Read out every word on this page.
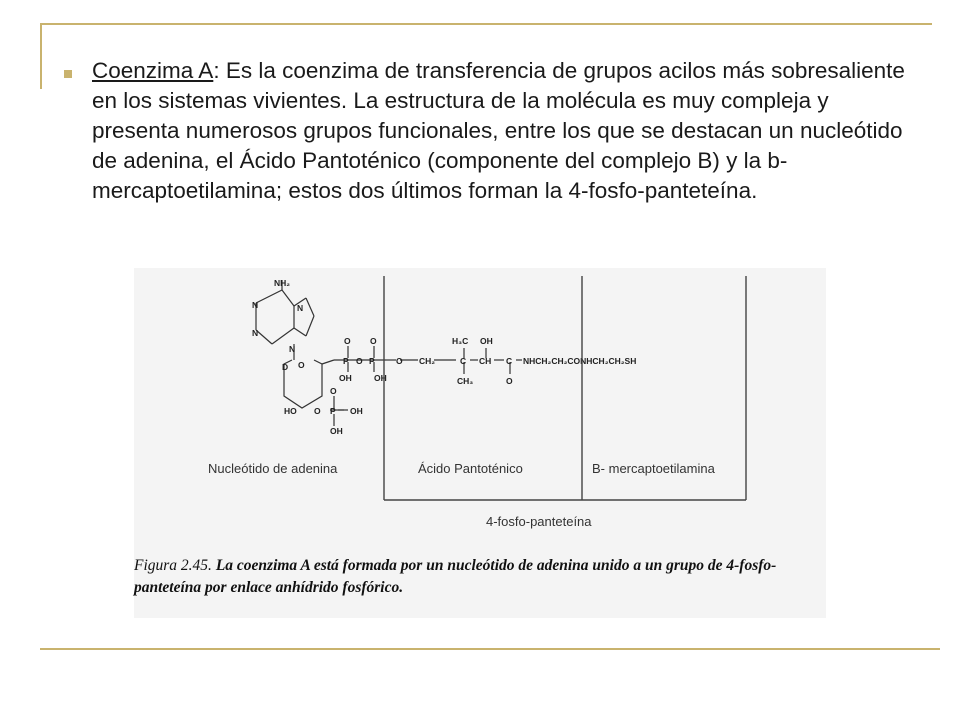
Coenzima A: Es la coenzima de transferencia de grupos acilos más sobresaliente en los sistemas vivientes. La estructura de la molécula es muy compleja y presenta numerosos grupos funcionales, entre los que se destacan un nucleótido de adenina, el Ácido Pantoténico (componente del complejo B) y la b-mercaptoetilamina; estos dos últimos forman la 4-fosfo-panteteína.
NH₂
N	N
N
N
O	P O P	O CH₂
H₃C OH
C CH C NHCH₂CH₂CONHCH₂CH₂SH
CH₃	O
OH	OH
HO O P OH
OH
O O
O
D
Nucleótido de adenina	Ácido Pantoténico	B- mercaptoetilamina
4-fosfo-panteteína
Figura 2.45. La coenzima A está formada por un nucleótido de adenina unido a un grupo de 4-fosfo-panteteína por enlace anhídrido fosfórico.
